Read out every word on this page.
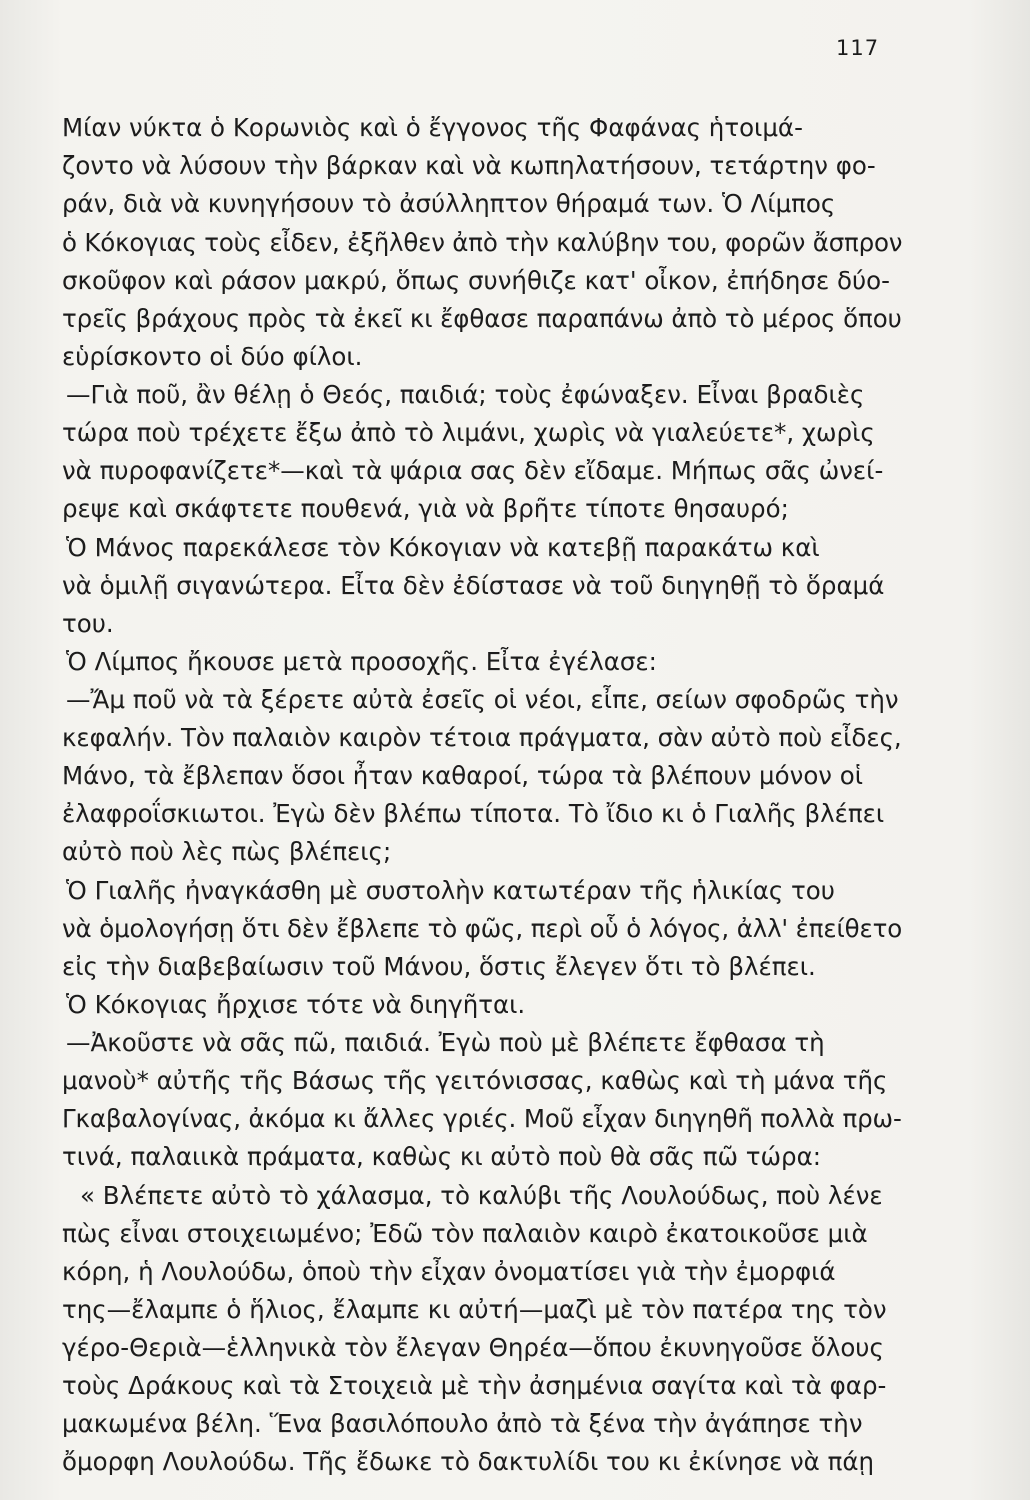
117
Μίαν νύκτα ὁ Κορωνιὸς καὶ ὁ ἔγγονος τῆς Φαφάνας ἡτοιμά-
ζοντο νὰ λύσουν τὴν βάρκαν καὶ νὰ κωπηλατήσουν, τετάρτην φο-
ράν, διὰ νὰ κυνηγήσουν τὸ ἀσύλληπτον θήραμά των. Ὁ Λίμπος
ὁ Κόκογιας τοὺς εἶδεν, ἐξῆλθεν ἀπὸ τὴν καλύβην του, φορῶν ἄσπρον
σκοῦφον καὶ ράσον μακρύ, ὅπως συνήθιζε κατ' οἶκον, ἐπήδησε δύο-
τρεῖς βράχους πρὸς τὰ ἐκεῖ κι ἔφθασε παραπάνω ἀπὸ τὸ μέρος ὅπου
εὑρίσκοντο οἱ δύο φίλοι.
—Γιὰ ποῦ, ἂν θέλῃ ὁ Θεός, παιδιά; τοὺς ἐφώναξεν. Εἶναι βραδιὲς
τώρα ποὺ τρέχετε ἔξω ἀπὸ τὸ λιμάνι, χωρὶς νὰ γιαλεύετε*, χωρὶς
νὰ πυροφανίζετε*—καὶ τὰ ψάρια σας δὲν εἴδαμε. Μήπως σᾶς ὠνεί-
ρεψε καὶ σκάφτετε πουθενά, γιὰ νὰ βρῆτε τίποτε θησαυρό;
Ὁ Μάνος παρεκάλεσε τὸν Κόκογιαν νὰ κατεβῇ παρακάτω καὶ
νὰ ὁμιλῇ σιγανώτερα. Εἶτα δὲν ἐδίστασε νὰ τοῦ διηγηθῇ τὸ ὅραμά
του.
Ὁ Λίμπος ἤκουσε μετὰ προσοχῆς. Εἶτα ἐγέλασε:
—Ἄμ ποῦ νὰ τὰ ξέρετε αὐτὰ ἐσεῖς οἱ νέοι, εἶπε, σείων σφοδρῶς τὴν
κεφαλήν. Τὸν παλαιὸν καιρὸν τέτοια πράγματα, σὰν αὐτὸ ποὺ εἶδες,
Μάνο, τὰ ἔβλεπαν ὅσοι ἦταν καθαροί, τώρα τὰ βλέπουν μόνον οἱ
ἐλαφροΐσκιωτοι. Ἐγὼ δὲν βλέπω τίποτα. Τὸ ἴδιο κι ὁ Γιαλῆς βλέπει
αὐτὸ ποὺ λὲς πὼς βλέπεις;
Ὁ Γιαλῆς ἠναγκάσθη μὲ συστολὴν κατωτέραν τῆς ἡλικίας του
νὰ ὁμολογήσῃ ὅτι δὲν ἔβλεπε τὸ φῶς, περὶ οὗ ὁ λόγος, ἀλλ' ἐπείθετο
εἰς τὴν διαβεβαίωσιν τοῦ Μάνου, ὅστις ἔλεγεν ὅτι τὸ βλέπει.
Ὁ Κόκογιας ἤρχισε τότε νὰ διηγῆται.
—Ἀκοῦστε νὰ σᾶς πῶ, παιδιά. Ἐγὼ ποὺ μὲ βλέπετε ἔφθασα τὴ
μανοὺ* αὐτῆς τῆς Βάσως τῆς γειτόνισσας, καθὼς καὶ τὴ μάνα τῆς
Γκαβαλογίνας, ἀκόμα κι ἄλλες γριές. Μοῦ εἶχαν διηγηθῆ πολλὰ πρω-
τινά, παλαιικὰ πράματα, καθὼς κι αὐτὸ ποὺ θὰ σᾶς πῶ τώρα:
« Βλέπετε αὐτὸ τὸ χάλασμα, τὸ καλύβι τῆς Λουλούδως, ποὺ λένε
πὼς εἶναι στοιχειωμένο; Ἐδῶ τὸν παλαιὸν καιρὸ ἐκατοικοῦσε μιὰ
κόρη, ἡ Λουλούδω, ὁποὺ τὴν εἶχαν ὀνοματίσει γιὰ τὴν ἐμορφιά
της—ἔλαμπε ὁ ἥλιος, ἔλαμπε κι αὐτή—μαζὶ μὲ τὸν πατέρα της τὸν
γέρο-Θεριὰ—ἑλληνικὰ τὸν ἔλεγαν Θηρέα—ὅπου ἐκυνηγοῦσε ὅλους
τοὺς Δράκους καὶ τὰ Στοιχειὰ μὲ τὴν ἀσημένια σαγίτα καὶ τὰ φαρ-
μακωμένα βέλη. Ἕνα βασιλόπουλο ἀπὸ τὰ ξένα τὴν ἀγάπησε τὴν
ὄμορφη Λουλούδω. Τῆς ἔδωκε τὸ δακτυλίδι του κι ἐκίνησε νὰ πάῃ
